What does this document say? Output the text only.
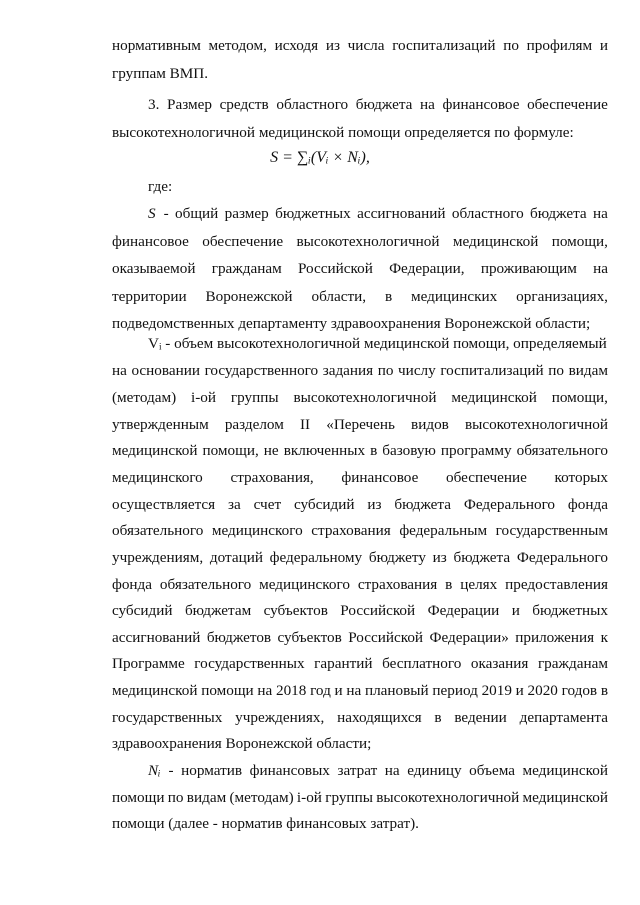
нормативным методом, исходя из числа госпитализаций по профилям и
группам ВМП.
3. Размер средств областного бюджета на финансовое обеспечение
высокотехнологичной медицинской помощи определяется по формуле:
S = ∑ᵢ(Vᵢ × Nᵢ),
где:
S - общий размер бюджетных ассигнований областного бюджета на
финансовое обеспечение высокотехнологичной медицинской помощи,
оказываемой гражданам Российской Федерации, проживающим на
территории Воронежской области, в медицинских организациях,
подведомственных департаменту здравоохранения Воронежской области;
Vᵢ - объем высокотехнологичной медицинской помощи, определяемый
на основании государственного задания по числу госпитализаций по видам
(методам) i-ой группы высокотехнологичной медицинской помощи,
утвержденным разделом II «Перечень видов высокотехнологичной
медицинской помощи, не включенных в базовую программу обязательного
медицинского страхования, финансовое обеспечение которых
осуществляется за счет субсидий из бюджета Федерального фонда
обязательного медицинского страхования федеральным государственным
учреждениям, дотаций федеральному бюджету из бюджета Федерального
фонда обязательного медицинского страхования в целях предоставления
субсидий бюджетам субъектов Российской Федерации и бюджетных
ассигнований бюджетов субъектов Российской Федерации» приложения к
Программе государственных гарантий бесплатного оказания гражданам
медицинской помощи на 2018 год и на плановый период 2019 и 2020 годов в
государственных учреждениях, находящихся в ведении департамента
здравоохранения Воронежской области;
Nᵢ - норматив финансовых затрат на единицу объема медицинской
помощи по видам (методам) i-ой группы высокотехнологичной медицинской
помощи (далее - норматив финансовых затрат).
